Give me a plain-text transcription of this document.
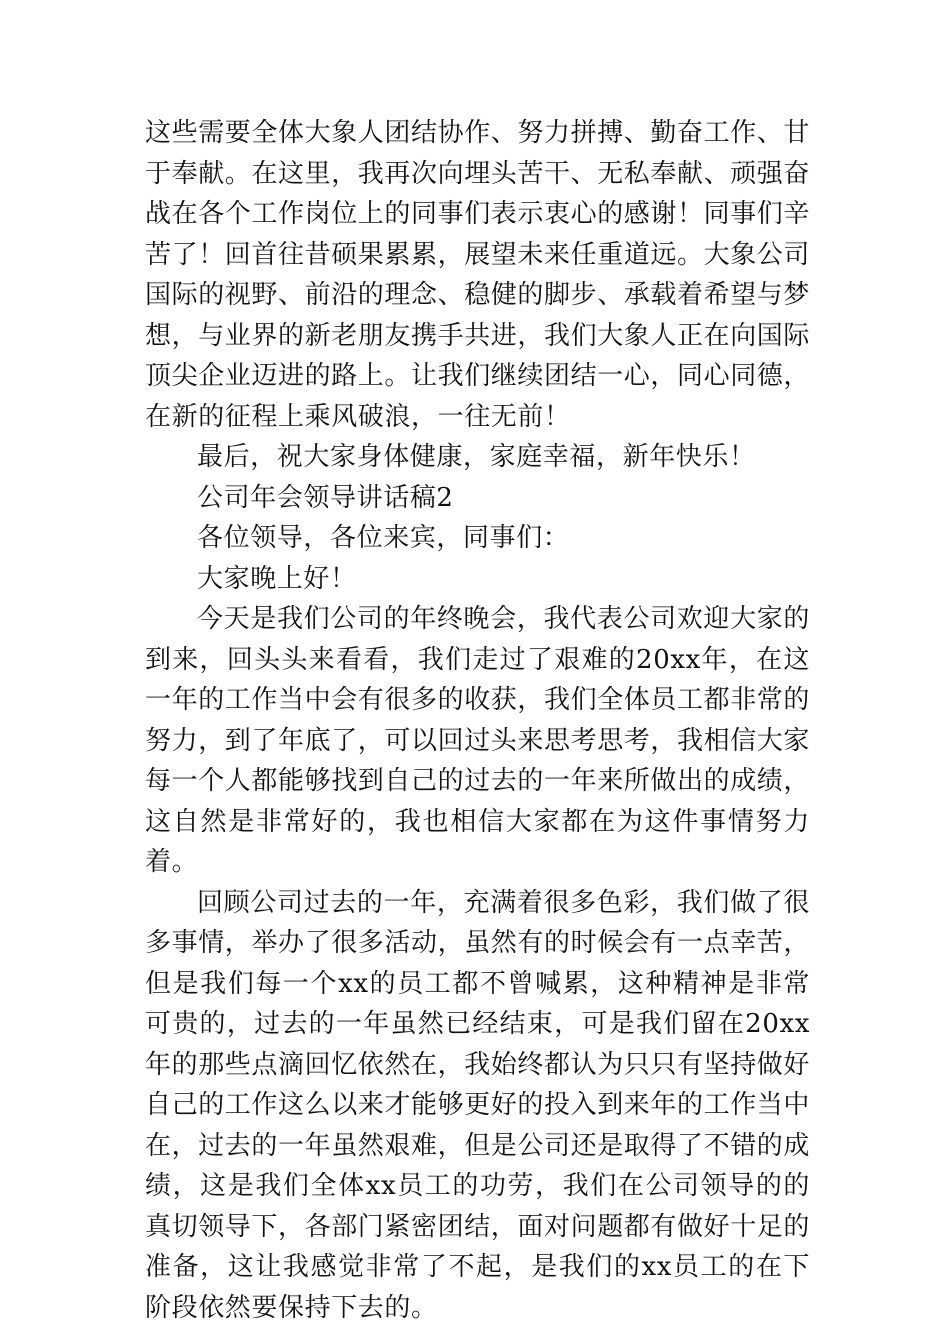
这些需要全体大象人团结协作、努力拼搏、勤奋工作、甘于奉献。在这里，我再次向埋头苦干、无私奉献、顽强奋战在各个工作岗位上的同事们表示衷心的感谢！同事们辛苦了！回首往昔硕果累累，展望未来任重道远。大象公司国际的视野、前沿的理念、稳健的脚步、承载着希望与梦想，与业界的新老朋友携手共进，我们大象人正在向国际顶尖企业迈进的路上。让我们继续团结一心，同心同德，在新的征程上乘风破浪，一往无前！

最后，祝大家身体健康，家庭幸福，新年快乐！

公司年会领导讲话稿2

各位领导，各位来宾，同事们：

大家晚上好！

今天是我们公司的年终晚会，我代表公司欢迎大家的到来，回头头来看看，我们走过了艰难的20xx年，在这一年的工作当中会有很多的收获，我们全体员工都非常的努力，到了年底了，可以回过头来思考思考，我相信大家每一个人都能够找到自己的过去的一年来所做出的成绩，这自然是非常好的，我也相信大家都在为这件事情努力着。

回顾公司过去的一年，充满着很多色彩，我们做了很多事情，举办了很多活动，虽然有的时候会有一点幸苦，但是我们每一个xx的员工都不曾喊累，这种精神是非常可贵的，过去的一年虽然已经结束，可是我们留在20xx年的那些点滴回忆依然在，我始终都认为只只有坚持做好自己的工作这么以来才能够更好的投入到来年的工作当中在，过去的一年虽然艰难，但是公司还是取得了不错的成绩，这是我们全体xx员工的功劳，我们在公司领导的的真切领导下，各部门紧密团结，面对问题都有做好十足的准备，这让我感觉非常了不起，是我们的xx员工的在下阶段依然要保持下去的。
